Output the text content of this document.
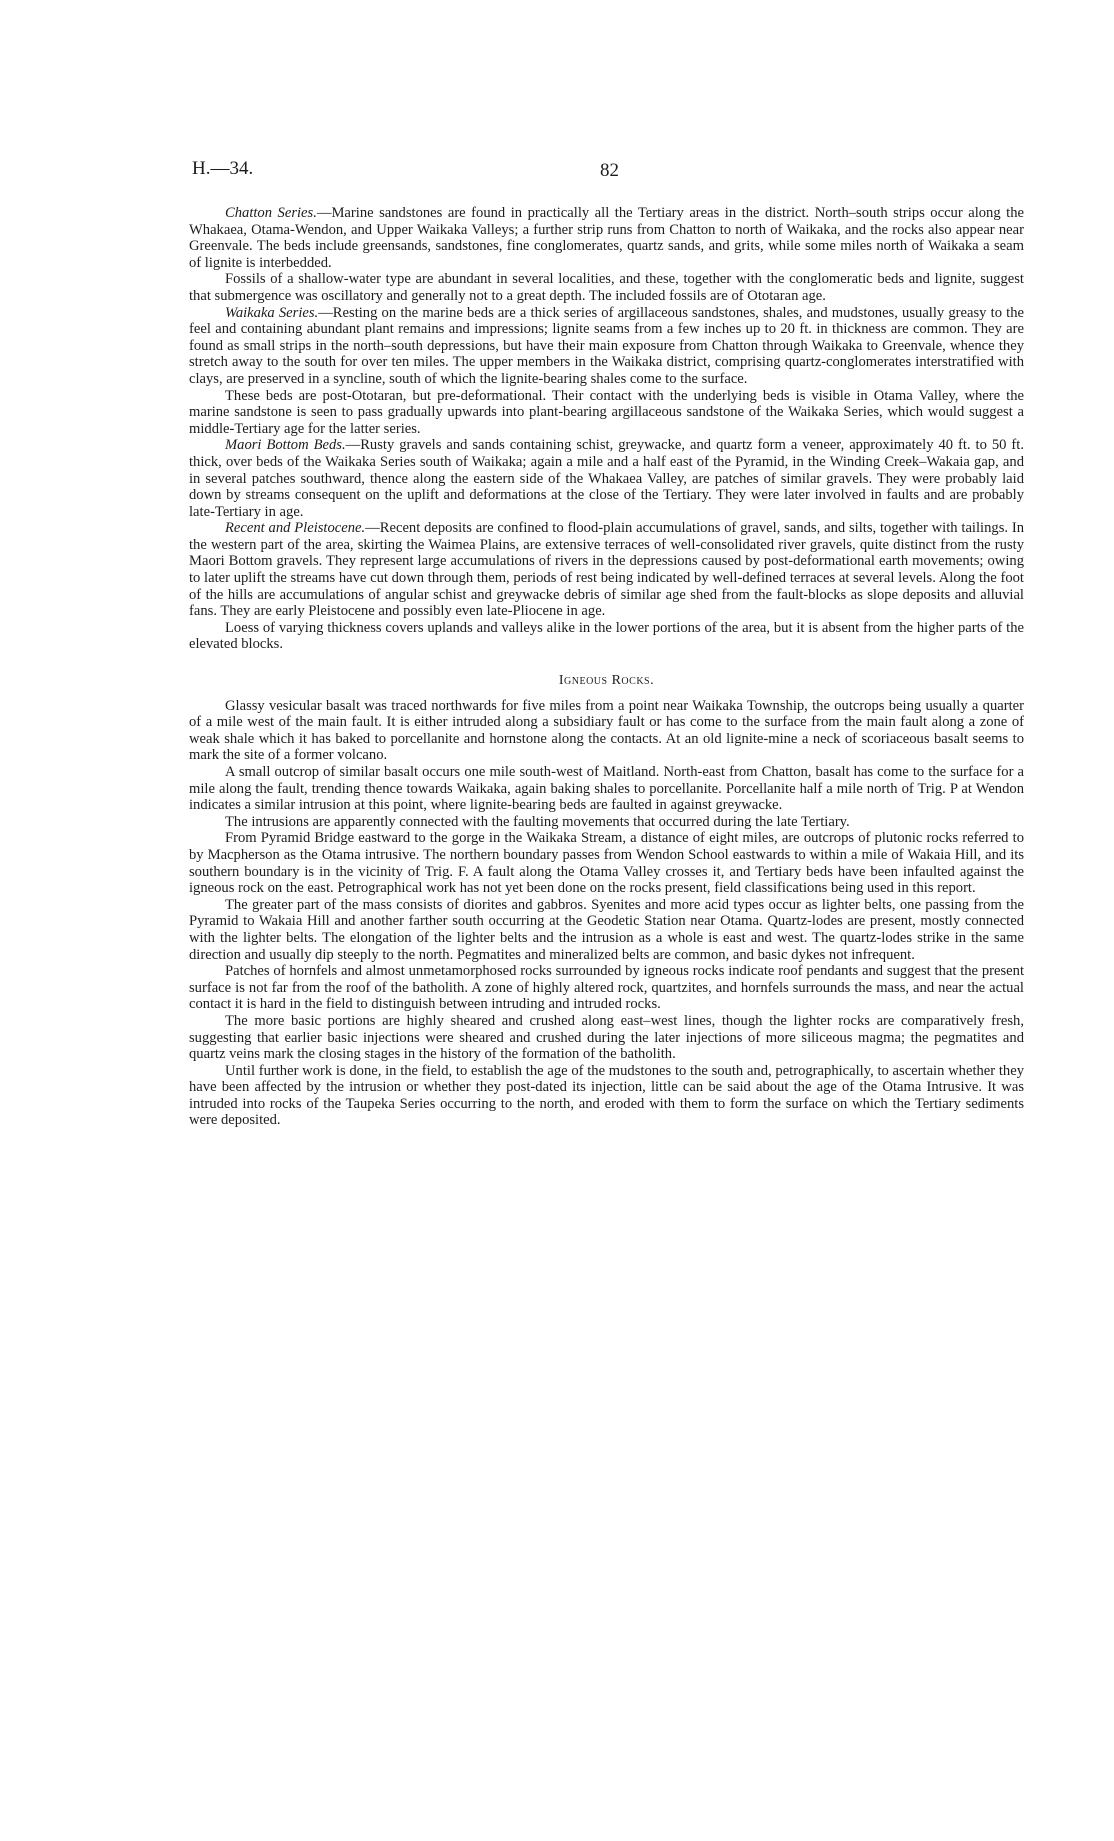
H.—34.	82

Chatton Series.—Marine sandstones are found in practically all the Tertiary areas in the district. North–south strips occur along the Whakaea, Otama-Wendon, and Upper Waikaka Valleys; a further strip runs from Chatton to north of Waikaka, and the rocks also appear near Greenvale. The beds include greensands, sandstones, fine conglomerates, quartz sands, and grits, while some miles north of Waikaka a seam of lignite is interbedded.

Fossils of a shallow-water type are abundant in several localities, and these, together with the conglomeratic beds and lignite, suggest that submergence was oscillatory and generally not to a great depth. The included fossils are of Ototaran age.

Waikaka Series.—Resting on the marine beds are a thick series of argillaceous sandstones, shales, and mudstones, usually greasy to the feel and containing abundant plant remains and impressions; lignite seams from a few inches up to 20 ft. in thickness are common. They are found as small strips in the north–south depressions, but have their main exposure from Chatton through Waikaka to Greenvale, whence they stretch away to the south for over ten miles. The upper members in the Waikaka district, comprising quartz-conglomerates interstratified with clays, are preserved in a syncline, south of which the lignite-bearing shales come to the surface.

These beds are post-Ototaran, but pre-deformational. Their contact with the underlying beds is visible in Otama Valley, where the marine sandstone is seen to pass gradually upwards into plant-bearing argillaceous sandstone of the Waikaka Series, which would suggest a middle-Tertiary age for the latter series.

Maori Bottom Beds.—Rusty gravels and sands containing schist, greywacke, and quartz form a veneer, approximately 40 ft. to 50 ft. thick, over beds of the Waikaka Series south of Waikaka; again a mile and a half east of the Pyramid, in the Winding Creek–Wakaia gap, and in several patches southward, thence along the eastern side of the Whakaea Valley, are patches of similar gravels. They were probably laid down by streams consequent on the uplift and deformations at the close of the Tertiary. They were later involved in faults and are probably late-Tertiary in age.

Recent and Pleistocene.—Recent deposits are confined to flood-plain accumulations of gravel, sands, and silts, together with tailings. In the western part of the area, skirting the Waimea Plains, are extensive terraces of well-consolidated river gravels, quite distinct from the rusty Maori Bottom gravels. They represent large accumulations of rivers in the depressions caused by post-deformational earth movements; owing to later uplift the streams have cut down through them, periods of rest being indicated by well-defined terraces at several levels. Along the foot of the hills are accumulations of angular schist and greywacke debris of similar age shed from the fault-blocks as slope deposits and alluvial fans. They are early Pleistocene and possibly even late-Pliocene in age.

Loess of varying thickness covers uplands and valleys alike in the lower portions of the area, but it is absent from the higher parts of the elevated blocks.

Igneous Rocks.

Glassy vesicular basalt was traced northwards for five miles from a point near Waikaka Township, the outcrops being usually a quarter of a mile west of the main fault. It is either intruded along a subsidiary fault or has come to the surface from the main fault along a zone of weak shale which it has baked to porcellanite and hornstone along the contacts. At an old lignite-mine a neck of scoriaceous basalt seems to mark the site of a former volcano.

A small outcrop of similar basalt occurs one mile south-west of Maitland. North-east from Chatton, basalt has come to the surface for a mile along the fault, trending thence towards Waikaka, again baking shales to porcellanite. Porcellanite half a mile north of Trig. P at Wendon indicates a similar intrusion at this point, where lignite-bearing beds are faulted in against greywacke.

The intrusions are apparently connected with the faulting movements that occurred during the late Tertiary.

From Pyramid Bridge eastward to the gorge in the Waikaka Stream, a distance of eight miles, are outcrops of plutonic rocks referred to by Macpherson as the Otama intrusive. The northern boundary passes from Wendon School eastwards to within a mile of Wakaia Hill, and its southern boundary is in the vicinity of Trig. F. A fault along the Otama Valley crosses it, and Tertiary beds have been infaulted against the igneous rock on the east. Petrographical work has not yet been done on the rocks present, field classifications being used in this report.

The greater part of the mass consists of diorites and gabbros. Syenites and more acid types occur as lighter belts, one passing from the Pyramid to Wakaia Hill and another farther south occurring at the Geodetic Station near Otama. Quartz-lodes are present, mostly connected with the lighter belts. The elongation of the lighter belts and the intrusion as a whole is east and west. The quartz-lodes strike in the same direction and usually dip steeply to the north. Pegmatites and mineralized belts are common, and basic dykes not infrequent.

Patches of hornfels and almost unmetamorphosed rocks surrounded by igneous rocks indicate roof pendants and suggest that the present surface is not far from the roof of the batholith. A zone of highly altered rock, quartzites, and hornfels surrounds the mass, and near the actual contact it is hard in the field to distinguish between intruding and intruded rocks.

The more basic portions are highly sheared and crushed along east–west lines, though the lighter rocks are comparatively fresh, suggesting that earlier basic injections were sheared and crushed during the later injections of more siliceous magma; the pegmatites and quartz veins mark the closing stages in the history of the formation of the batholith.

Until further work is done, in the field, to establish the age of the mudstones to the south and, petrographically, to ascertain whether they have been affected by the intrusion or whether they post-dated its injection, little can be said about the age of the Otama Intrusive. It was intruded into rocks of the Taupeka Series occurring to the north, and eroded with them to form the surface on which the Tertiary sediments were deposited.
